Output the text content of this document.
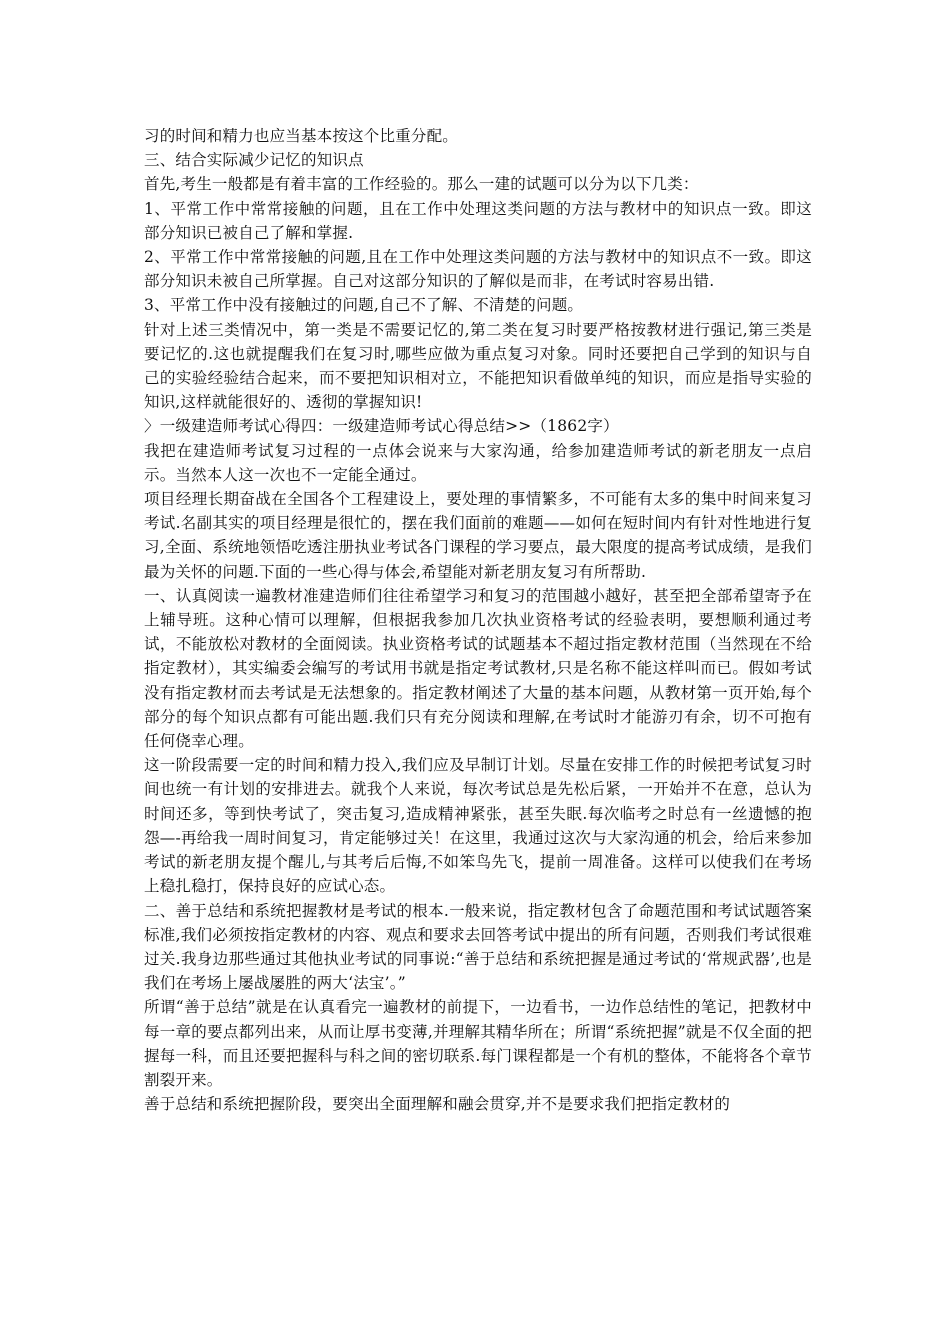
习的时间和精力也应当基本按这个比重分配。

三、结合实际减少记忆的知识点

首先,考生一般都是有着丰富的工作经验的。那么一建的试题可以分为以下几类：

1、平常工作中常常接触的问题，且在工作中处理这类问题的方法与教材中的知识点一致。即这部分知识已被自己了解和掌握.

2、平常工作中常常接触的问题,且在工作中处理这类问题的方法与教材中的知识点不一致。即这部分知识未被自己所掌握。自己对这部分知识的了解似是而非，在考试时容易出错.

3、平常工作中没有接触过的问题,自己不了解、不清楚的问题。

针对上述三类情况中，第一类是不需要记忆的,第二类在复习时要严格按教材进行强记,第三类是要记忆的.这也就提醒我们在复习时,哪些应做为重点复习对象。同时还要把自己学到的知识与自己的实验经验结合起来，而不要把知识相对立，不能把知识看做单纯的知识，而应是指导实验的知识,这样就能很好的、透彻的掌握知识!

〉一级建造师考试心得四：一级建造师考试心得总结>>（1862字）

我把在建造师考试复习过程的一点体会说来与大家沟通，给参加建造师考试的新老朋友一点启示。当然本人这一次也不一定能全通过。

项目经理长期奋战在全国各个工程建设上，要处理的事情繁多，不可能有太多的集中时间来复习考试.名副其实的项目经理是很忙的，摆在我们面前的难题——如何在短时间内有针对性地进行复习,全面、系统地领悟吃透注册执业考试各门课程的学习要点，最大限度的提高考试成绩，是我们最为关怀的问题.下面的一些心得与体会,希望能对新老朋友复习有所帮助.

一、认真阅读一遍教材准建造师们往往希望学习和复习的范围越小越好，甚至把全部希望寄予在上辅导班。这种心情可以理解，但根据我参加几次执业资格考试的经验表明，要想顺利通过考试，不能放松对教材的全面阅读。执业资格考试的试题基本不超过指定教材范围（当然现在不给指定教材），其实编委会编写的考试用书就是指定考试教材,只是名称不能这样叫而已。假如考试没有指定教材而去考试是无法想象的。指定教材阐述了大量的基本问题，从教材第一页开始,每个部分的每个知识点都有可能出题.我们只有充分阅读和理解,在考试时才能游刃有余，切不可抱有任何侥幸心理。

这一阶段需要一定的时间和精力投入,我们应及早制订计划。尽量在安排工作的时候把考试复习时间也统一有计划的安排进去。就我个人来说，每次考试总是先松后紧，一开始并不在意，总认为时间还多，等到快考试了，突击复习,造成精神紧张，甚至失眠.每次临考之时总有一丝遗憾的抱怨—-再给我一周时间复习，肯定能够过关！在这里，我通过这次与大家沟通的机会，给后来参加考试的新老朋友提个醒儿,与其考后后悔,不如笨鸟先飞，提前一周准备。这样可以使我们在考场上稳扎稳打，保持良好的应试心态。

二、善于总结和系统把握教材是考试的根本.一般来说，指定教材包含了命题范围和考试试题答案标准,我们必须按指定教材的内容、观点和要求去回答考试中提出的所有问题，否则我们考试很难过关.我身边那些通过其他执业考试的同事说:“善于总结和系统把握是通过考试的‘常规武器’,也是我们在考场上屡战屡胜的两大‘法宝’。”

所谓“善于总结”就是在认真看完一遍教材的前提下，一边看书，一边作总结性的笔记，把教材中每一章的要点都列出来，从而让厚书变薄,并理解其精华所在；所谓“系统把握”就是不仅全面的把握每一科，而且还要把握科与科之间的密切联系.每门课程都是一个有机的整体，不能将各个章节割裂开来。

善于总结和系统把握阶段，要突出全面理解和融会贯穿,并不是要求我们把指定教材的
